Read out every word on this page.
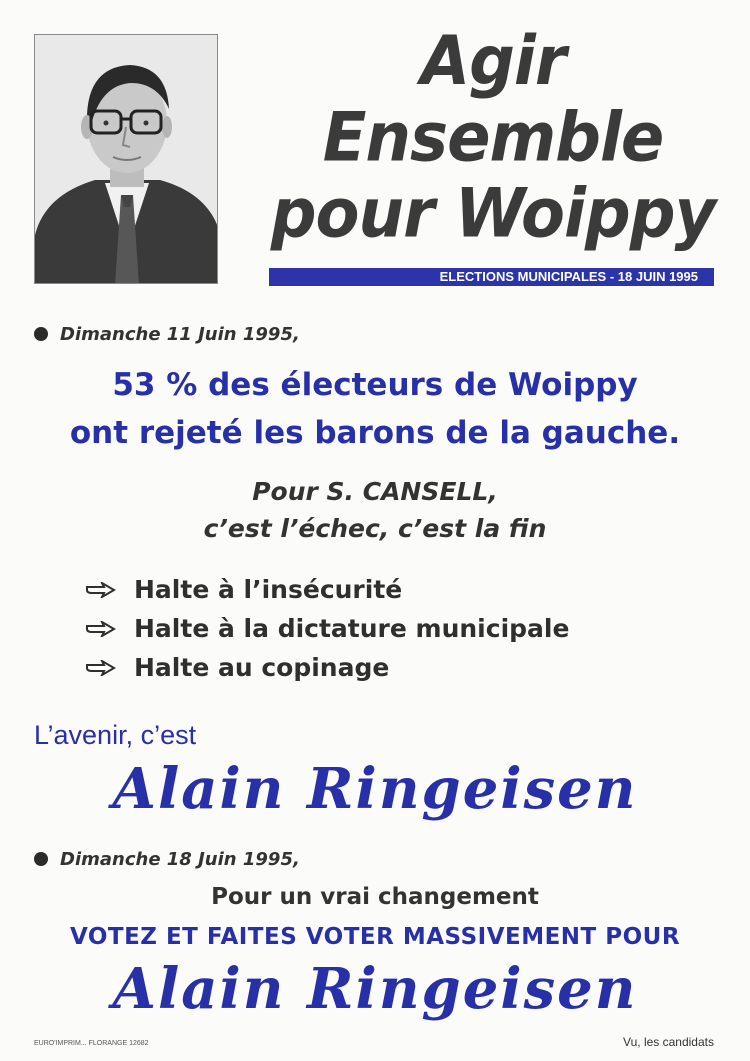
Agir Ensemble
pour Woippy
ELECTIONS MUNICIPALES - 18 JUIN 1995
Dimanche 11 Juin 1995,
53 % des électeurs de Woippy
ont rejeté les barons de la gauche.
Pour S. CANSELL,
c’est l’échec, c’est la fin
Halte à l’insécurité
Halte à la dictature municipale
Halte au copinage
L’avenir, c’est
Alain Ringeisen
Dimanche 18 Juin 1995,
Pour un vrai changement
VOTEZ ET FAITES VOTER MASSIVEMENT POUR
Alain Ringeisen
EURO'IMPRIM... FLORANGE 12682	Vu, les candidats
